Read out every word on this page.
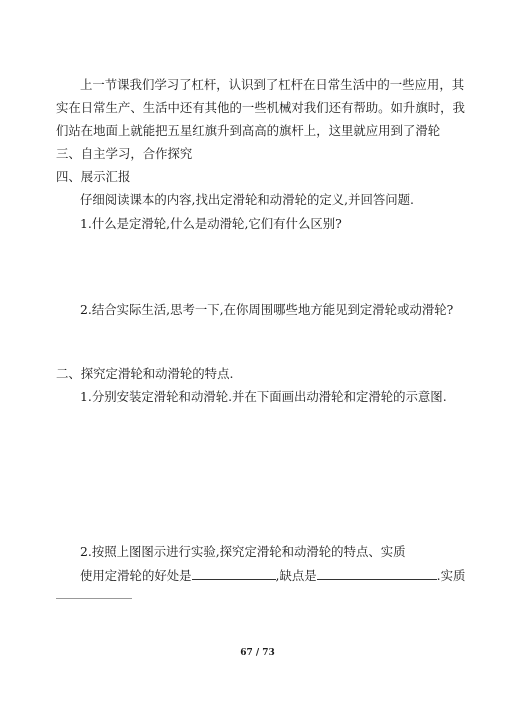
上一节课我们学习了杠杆，认识到了杠杆在日常生活中的一些应用，其
实在日常生产、生活中还有其他的一些机械对我们还有帮助。如升旗时，我
们站在地面上就能把五星红旗升到高高的旗杆上，这里就应用到了滑轮
三、自主学习，合作探究
四、展示汇报
仔细阅读课本的内容,找出定滑轮和动滑轮的定义,并回答问题.
1.什么是定滑轮,什么是动滑轮,它们有什么区别?
2.结合实际生活,思考一下,在你周围哪些地方能见到定滑轮或动滑轮?
二、探究定滑轮和动滑轮的特点.
1.分别安装定滑轮和动滑轮.并在下面画出动滑轮和定滑轮的示意图.
2.按照上图图示进行实验,探究定滑轮和动滑轮的特点、实质
使用定滑轮的好处是	,缺点是	.实质
67 / 73
